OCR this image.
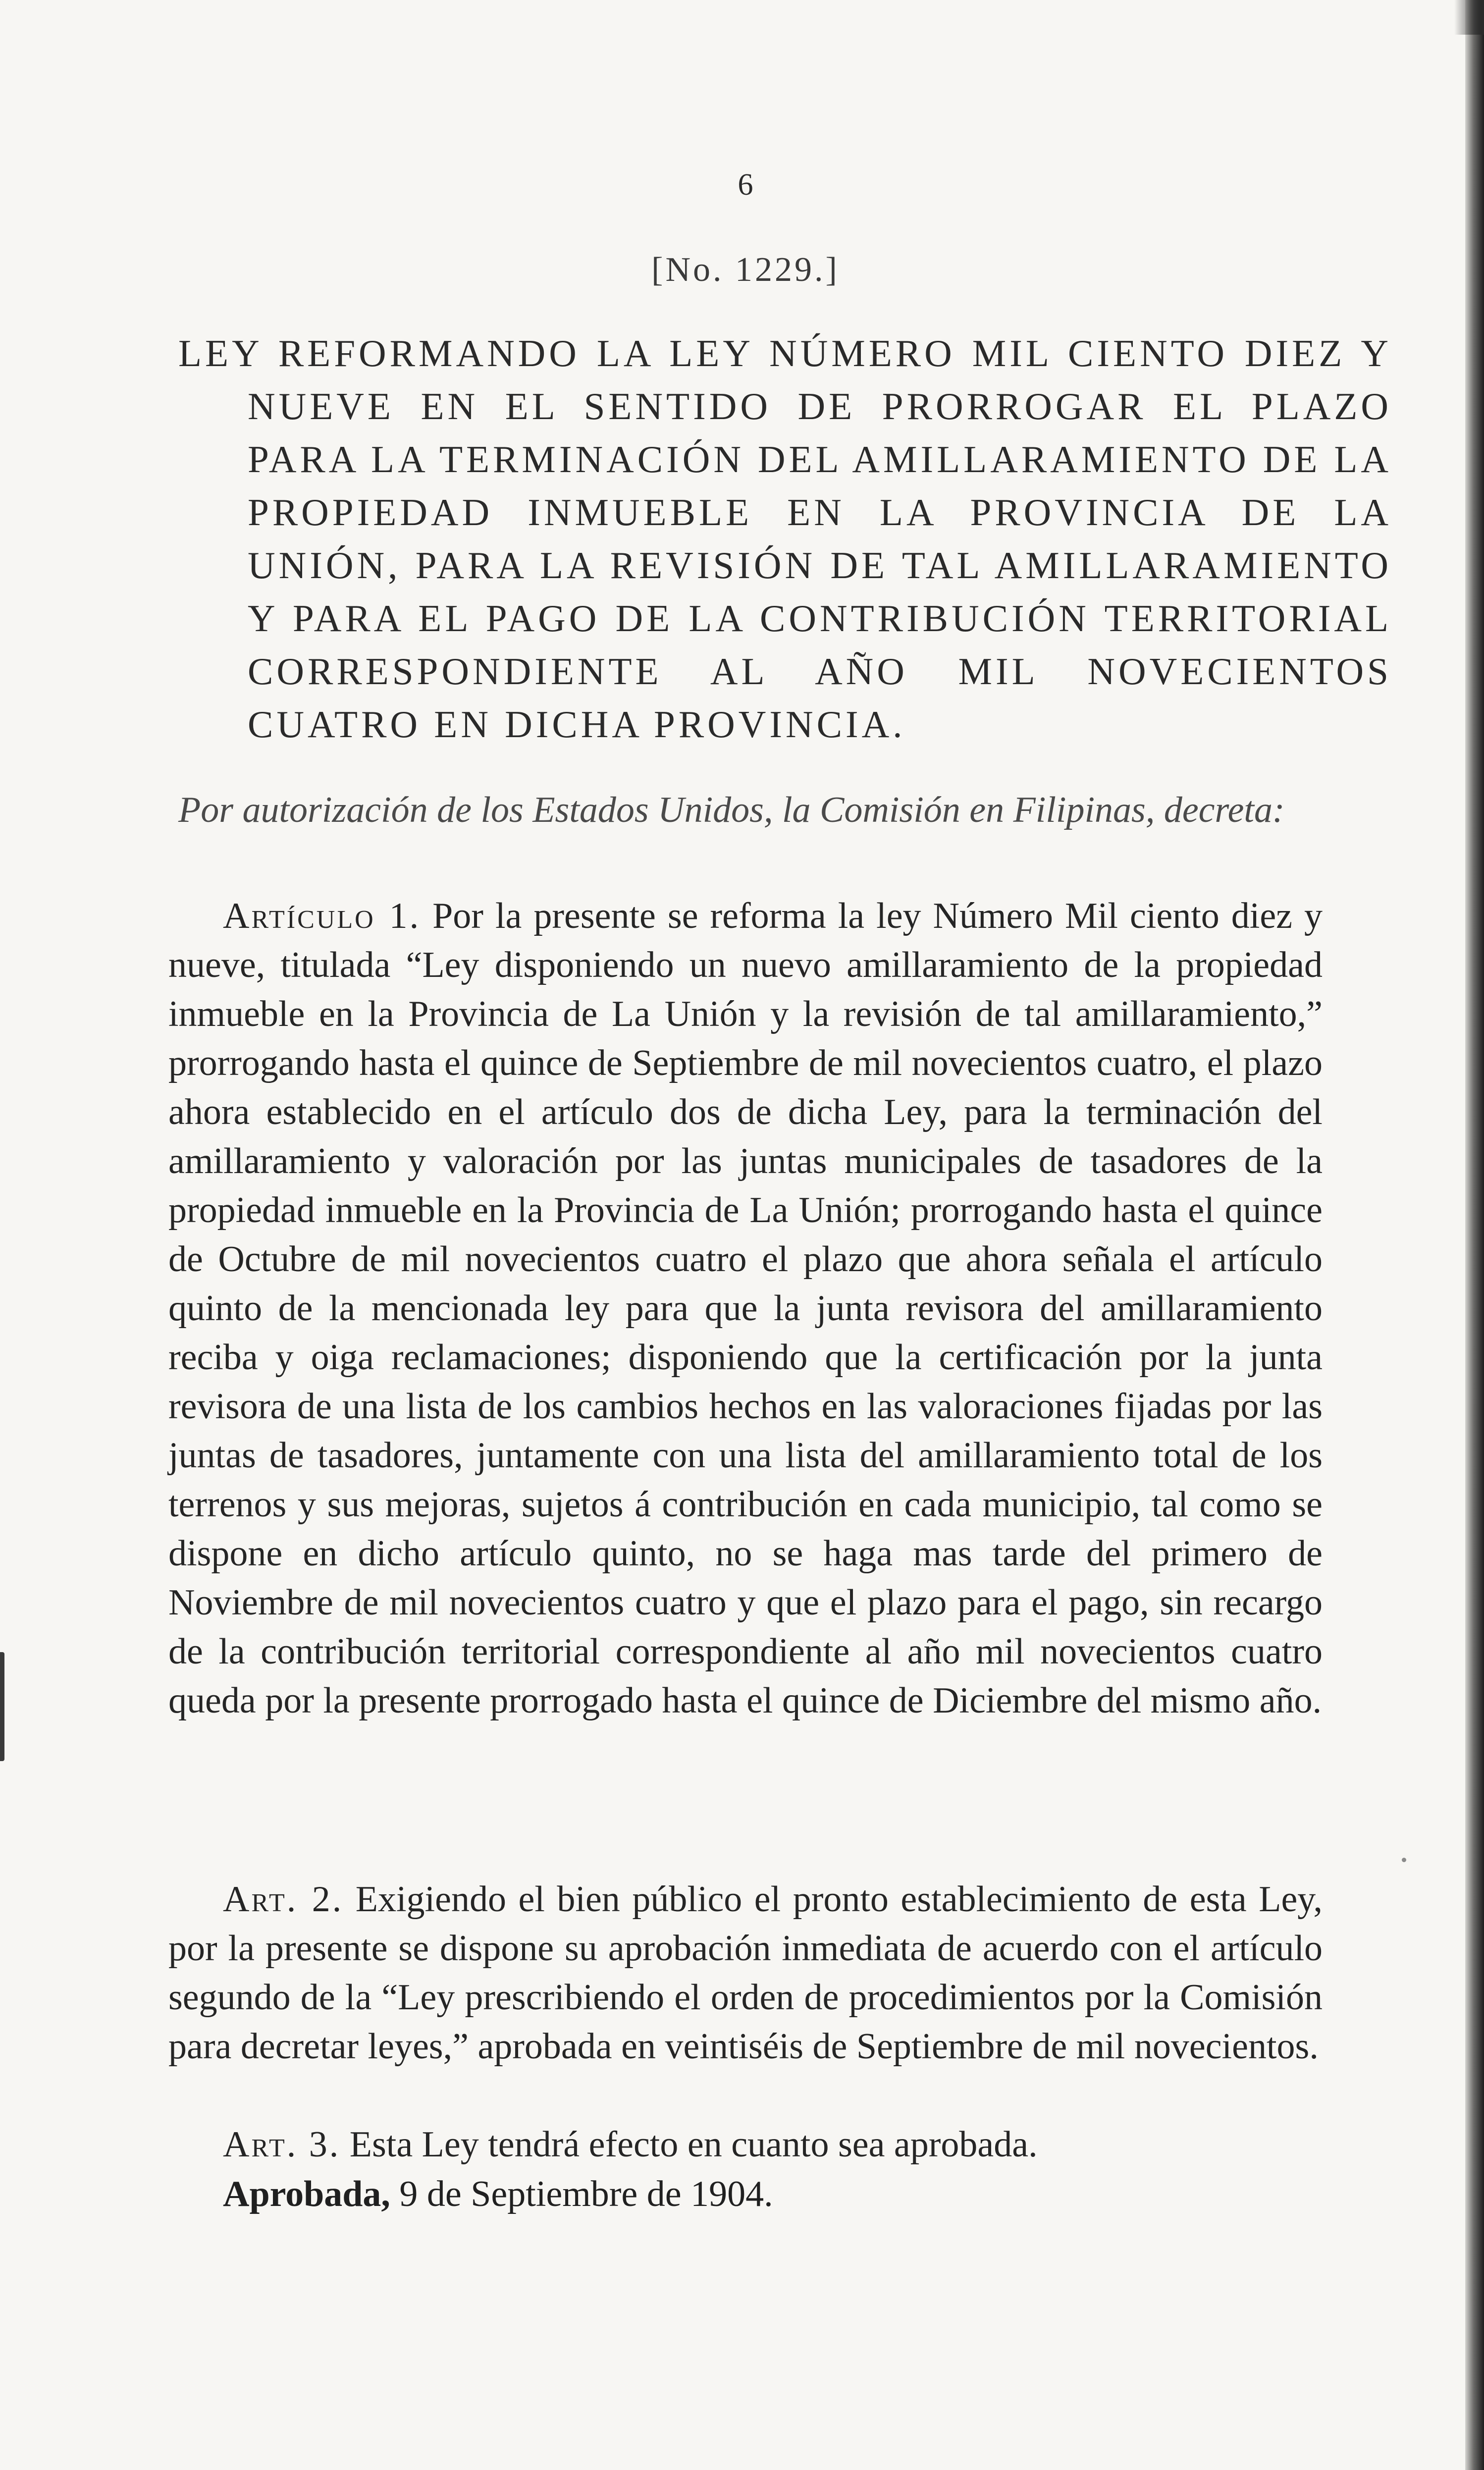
6
[No. 1229.]
LEY REFORMANDO LA LEY NÚMERO MIL CIENTO DIEZ Y NUEVE EN EL SENTIDO DE PRORROGAR EL PLAZO PARA LA TERMINACIÓN DEL AMILLARAMIENTO DE LA PROPIEDAD INMUEBLE EN LA PROVINCIA DE LA UNIÓN, PARA LA REVISIÓN DE TAL AMILLARAMIENTO Y PARA EL PAGO DE LA CONTRIBUCIÓN TERRITORIAL CORRESPONDIENTE AL AÑO MIL NOVECIENTOS CUATRO EN DICHA PROVINCIA.

Por autorización de los Estados Unidos, la Comisión en Filipinas, decreta:

Artículo 1. Por la presente se reforma la ley Número Mil ciento diez y nueve, titulada “Ley disponiendo un nuevo amillaramiento de la propiedad inmueble en la Provincia de La Unión y la revisión de tal amillaramiento,” prorrogando hasta el quince de Septiembre de mil novecientos cuatro, el plazo ahora establecido en el artículo dos de dicha Ley, para la terminación del amillaramiento y valoración por las juntas municipales de tasadores de la propiedad inmueble en la Provincia de La Unión; prorrogando hasta el quince de Octubre de mil novecientos cuatro el plazo que ahora señala el artículo quinto de la mencionada ley para que la junta revisora del amillaramiento reciba y oiga reclamaciones; disponiendo que la certificación por la junta revisora de una lista de los cambios hechos en las valoraciones fijadas por las juntas de tasadores, juntamente con una lista del amillaramiento total de los terrenos y sus mejoras, sujetos á contribución en cada municipio, tal como se dispone en dicho artículo quinto, no se haga mas tarde del primero de Noviembre de mil novecientos cuatro y que el plazo para el pago, sin recargo de la contribución territorial correspondiente al año mil novecientos cuatro queda por la presente prorrogado hasta el quince de Diciembre del mismo año.

Art. 2. Exigiendo el bien público el pronto establecimiento de esta Ley, por la presente se dispone su aprobación inmediata de acuerdo con el artículo segundo de la “Ley prescribiendo el orden de procedimientos por la Comisión para decretar leyes,” aprobada en veintiséis de Septiembre de mil novecientos.

Art. 3. Esta Ley tendrá efecto en cuanto sea aprobada.

Aprobada, 9 de Septiembre de 1904.
